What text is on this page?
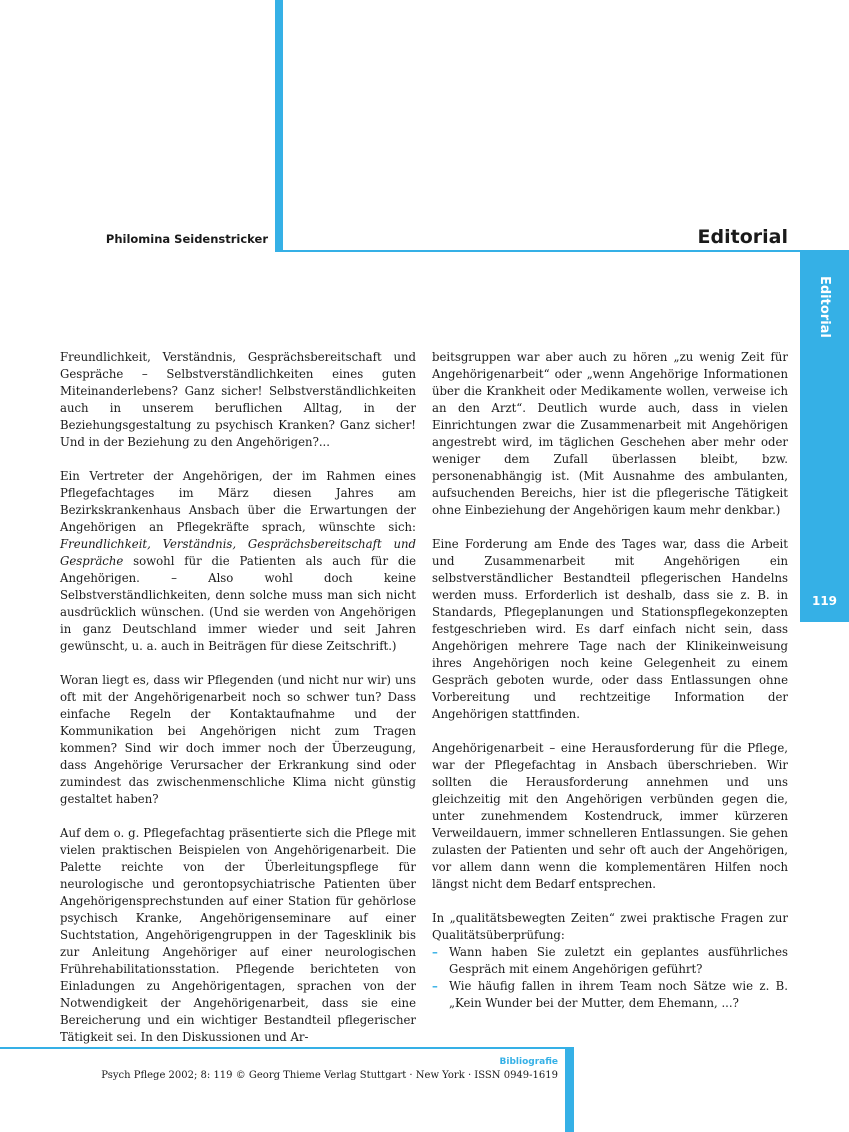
Philomina Seidenstricker	Editorial
Editorial
119

Freundlichkeit, Verständnis, Gesprächsbereitschaft und Gespräche – Selbstverständlichkeiten eines guten Miteinanderlebens? Ganz sicher! Selbstverständlichkeiten auch in unserem beruflichen Alltag, in der Beziehungsgestaltung zu psychisch Kranken? Ganz sicher! Und in der Beziehung zu den Angehörigen?...

Ein Vertreter der Angehörigen, der im Rahmen eines Pflegefachtages im März diesen Jahres am Bezirkskrankenhaus Ansbach über die Erwartungen der Angehörigen an Pflegekräfte sprach, wünschte sich: Freundlichkeit, Verständnis, Gesprächsbereitschaft und Gespräche sowohl für die Patienten als auch für die Angehörigen. – Also wohl doch keine Selbstverständlichkeiten, denn solche muss man sich nicht ausdrücklich wünschen. (Und sie werden von Angehörigen in ganz Deutschland immer wieder und seit Jahren gewünscht, u. a. auch in Beiträgen für diese Zeitschrift.)

Woran liegt es, dass wir Pflegenden (und nicht nur wir) uns oft mit der Angehörigenarbeit noch so schwer tun? Dass einfache Regeln der Kontaktaufnahme und der Kommunikation bei Angehörigen nicht zum Tragen kommen? Sind wir doch immer noch der Überzeugung, dass Angehörige Verursacher der Erkrankung sind oder zumindest das zwischenmenschliche Klima nicht günstig gestaltet haben?

Auf dem o. g. Pflegefachtag präsentierte sich die Pflege mit vielen praktischen Beispielen von Angehörigenarbeit. Die Palette reichte von der Überleitungspflege für neurologische und gerontopsychiatrische Patienten über Angehörigensprechstunden auf einer Station für gehörlose psychisch Kranke, Angehörigenseminare auf einer Suchtstation, Angehörigengruppen in der Tagesklinik bis zur Anleitung Angehöriger auf einer neurologischen Frührehabilitationsstation. Pflegende berichteten von Einladungen zu Angehörigentagen, sprachen von der Notwendigkeit der Angehörigenarbeit, dass sie eine Bereicherung und ein wichtiger Bestandteil pflegerischer Tätigkeit sei. In den Diskussionen und Ar-

beitsgruppen war aber auch zu hören „zu wenig Zeit für Angehörigenarbeit“ oder „wenn Angehörige Informationen über die Krankheit oder Medikamente wollen, verweise ich an den Arzt“. Deutlich wurde auch, dass in vielen Einrichtungen zwar die Zusammenarbeit mit Angehörigen angestrebt wird, im täglichen Geschehen aber mehr oder weniger dem Zufall überlassen bleibt, bzw. personenabhängig ist. (Mit Ausnahme des ambulanten, aufsuchenden Bereichs, hier ist die pflegerische Tätigkeit ohne Einbeziehung der Angehörigen kaum mehr denkbar.)

Eine Forderung am Ende des Tages war, dass die Arbeit und Zusammenarbeit mit Angehörigen ein selbstverständlicher Bestandteil pflegerischen Handelns werden muss. Erforderlich ist deshalb, dass sie z. B. in Standards, Pflegeplanungen und Stationspflegekonzepten festgeschrieben wird. Es darf einfach nicht sein, dass Angehörigen mehrere Tage nach der Klinikeinweisung ihres Angehörigen noch keine Gelegenheit zu einem Gespräch geboten wurde, oder dass Entlassungen ohne Vorbereitung und rechtzeitige Information der Angehörigen stattfinden.

Angehörigenarbeit – eine Herausforderung für die Pflege, war der Pflegefachtag in Ansbach überschrieben. Wir sollten die Herausforderung annehmen und uns gleichzeitig mit den Angehörigen verbünden gegen die, unter zunehmendem Kostendruck, immer kürzeren Verweildauern, immer schnelleren Entlassungen. Sie gehen zulasten der Patienten und sehr oft auch der Angehörigen, vor allem dann wenn die komplementären Hilfen noch längst nicht dem Bedarf entsprechen.

In „qualitätsbewegten Zeiten“ zwei praktische Fragen zur Qualitätsüberprüfung:

– Wann haben Sie zuletzt ein geplantes ausführliches Gespräch mit einem Angehörigen geführt?
– Wie häufig fallen in ihrem Team noch Sätze wie z. B. „Kein Wunder bei der Mutter, dem Ehemann, ...?
Bibliografie
Psych Pflege 2002; 8: 119 © Georg Thieme Verlag Stuttgart · New York · ISSN 0949-1619
